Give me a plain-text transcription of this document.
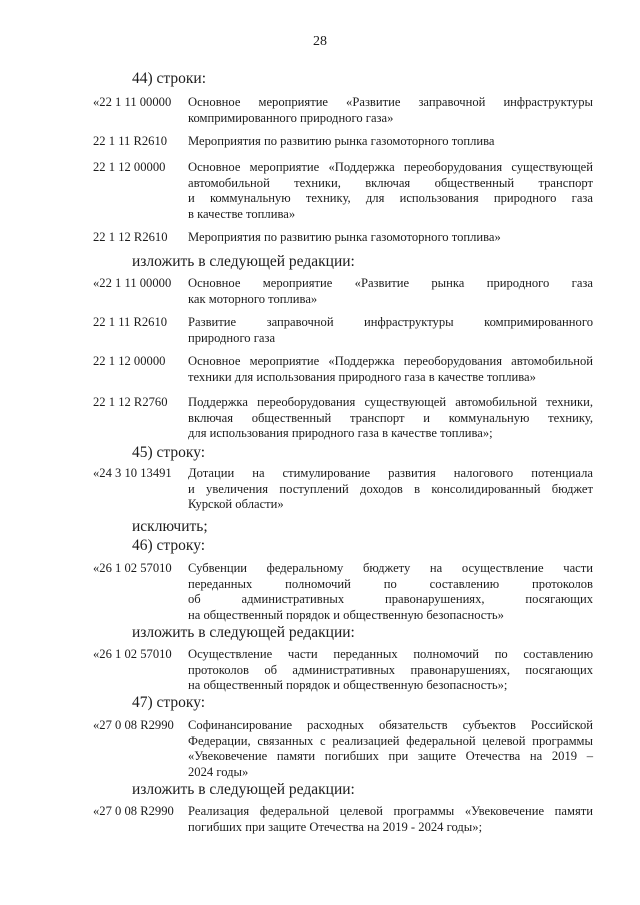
28
44) строки:
«22 1 11 00000 Основное мероприятие «Развитие заправочной инфраструктуры
компримированного природного газа»
22 1 11 R2610 Мероприятия по развитию рынка газомоторного топлива
22 1 12 00000 Основное мероприятие «Поддержка переоборудования существующей
автомобильной техники, включая общественный транспорт
и коммунальную технику, для использования природного газа
в качестве топлива»
22 1 12 R2610 Мероприятия по развитию рынка газомоторного топлива»
изложить в следующей редакции:
«22 1 11 00000 Основное мероприятие «Развитие рынка природного газа
как моторного топлива»
22 1 11 R2610 Развитие заправочной инфраструктуры компримированного
природного газа
22 1 12 00000 Основное мероприятие «Поддержка переоборудования автомобильной
техники для использования природного газа в качестве топлива»
22 1 12 R2760 Поддержка переоборудования существующей автомобильной техники,
включая общественный транспорт и коммунальную технику,
для использования природного газа в качестве топлива»;
45) строку:
«24 3 10 13491 Дотации на стимулирование развития налогового потенциала
и увеличения поступлений доходов в консолидированный бюджет
Курской области»
исключить;
46) строку:
«26 1 02 57010 Субвенции федеральному бюджету на осуществление части
переданных полномочий по составлению протоколов
об административных правонарушениях, посягающих
на общественный порядок и общественную безопасность»
изложить в следующей редакции:
«26 1 02 57010 Осуществление части переданных полномочий по составлению
протоколов об административных правонарушениях, посягающих
на общественный порядок и общественную безопасность»;
47) строку:
«27 0 08 R2990 Софинансирование расходных обязательств субъектов Российской
Федерации, связанных с реализацией федеральной целевой программы
«Увековечение памяти погибших при защите Отечества на 2019 –
2024 годы»
изложить в следующей редакции:
«27 0 08 R2990 Реализация федеральной целевой программы «Увековечение памяти
погибших при защите Отечества на 2019 - 2024 годы»;
